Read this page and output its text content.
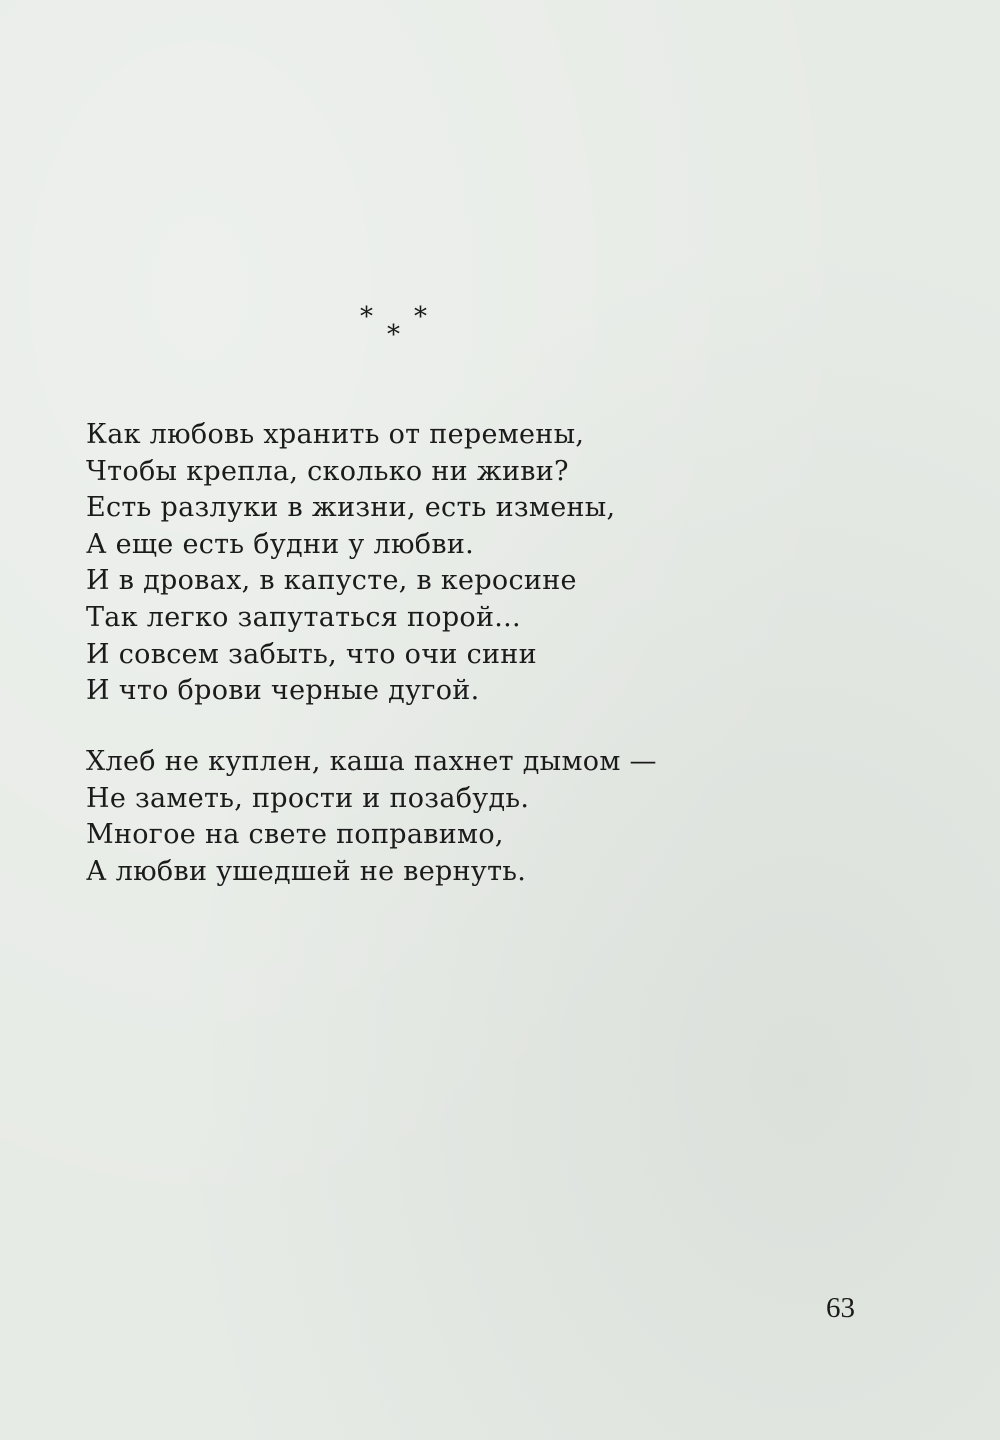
* *
*
Как любовь хранить от перемены,
Чтобы крепла, сколько ни живи?
Есть разлуки в жизни, есть измены,
А еще есть будни у любви.
И в дровах, в капусте, в керосине
Так легко запутаться порой...
И совсем забыть, что очи сини
И что брови черные дугой.
Хлеб не куплен, каша пахнет дымом —
Не заметь, прости и позабудь.
Многое на свете поправимо,
А любви ушедшей не вернуть.
63
